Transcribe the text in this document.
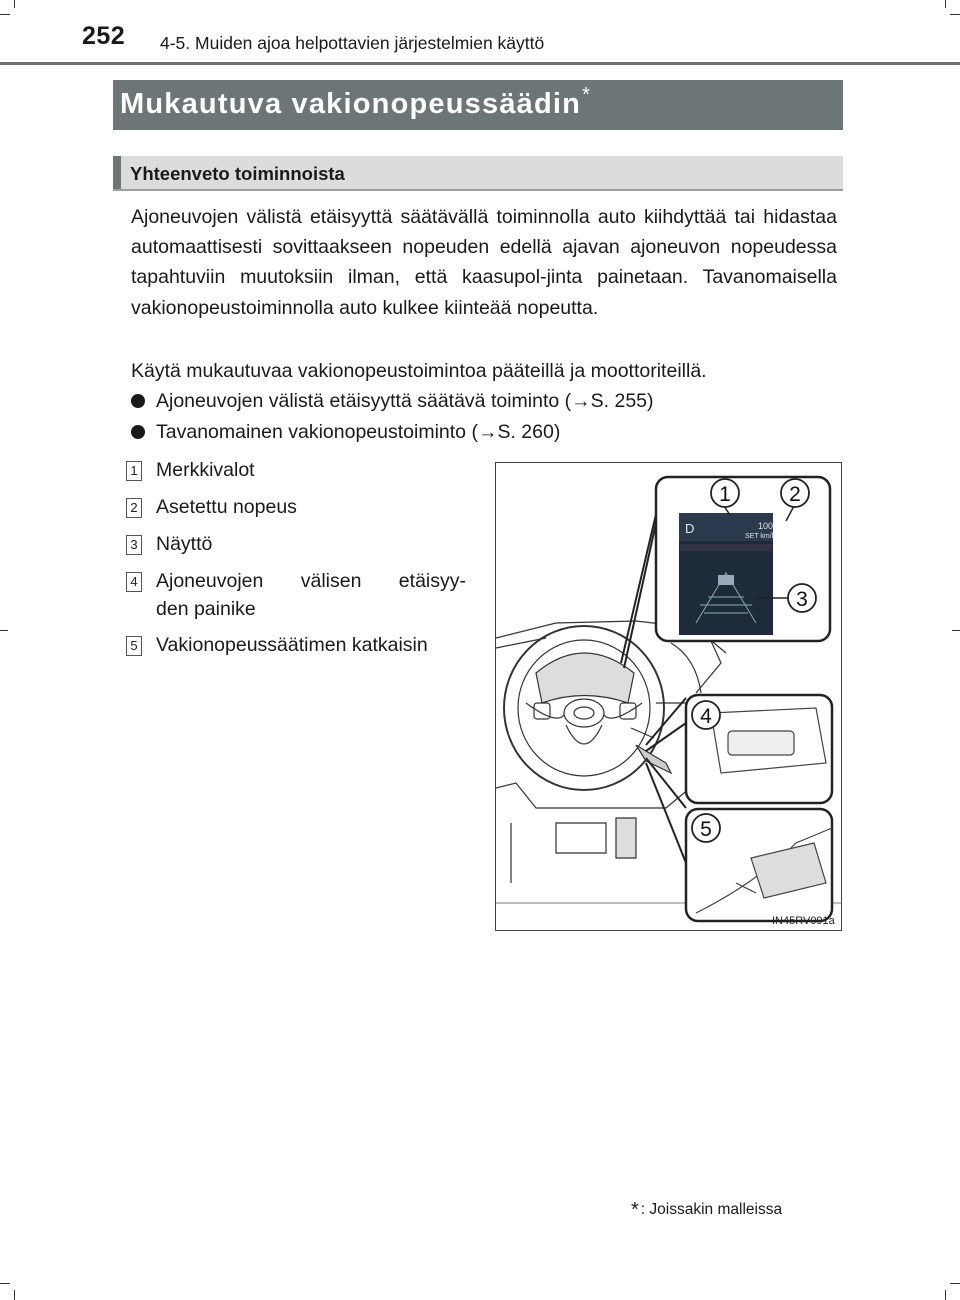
252 4-5. Muiden ajoa helpottavien järjestelmien käyttö
Mukautuva vakionopeussäädin*
Yhteenveto toiminnoista
Ajoneuvojen välistä etäisyyttä säätävällä toiminnolla auto kiihdyttää tai hidastaa automaattisesti sovittaakseen nopeuden edellä ajavan ajoneuvon nopeudessa tapahtuviin muutoksiin ilman, että kaasupol-jinta painetaan. Tavanomaisella vakionopeustoiminnolla auto kulkee kiinteää nopeutta.
Käytä mukautuvaa vakionopeustoimintoa pääteillä ja moottoriteillä.
Ajoneuvojen välistä etäisyyttä säätävä toiminto (→S. 255)
Tavanomainen vakionopeustoiminto (→S. 260)
1 Merkkivalot
2 Asetettu nopeus
3 Näyttö
4 Ajoneuvojen välisen etäisyy-
den painike
5 Vakionopeussäätimen katkaisin
1	2
3
4
5
D	100
SET km/h
IN45RV091a
* : Joissakin malleissa
